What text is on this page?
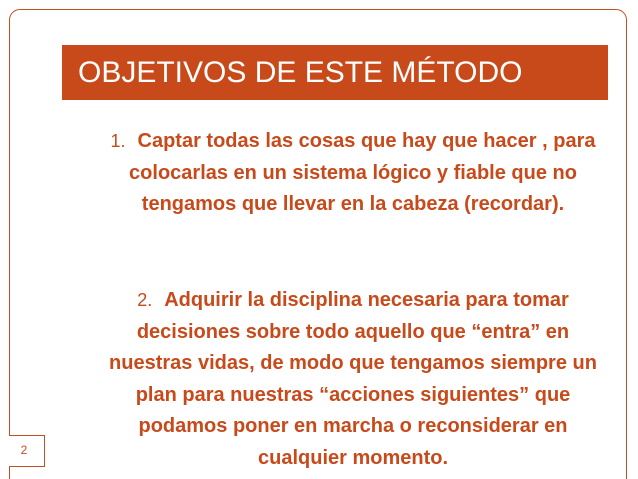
OBJETIVOS DE ESTE MÉTODO
1. Captar todas las cosas que hay que hacer , para colocarlas en un sistema lógico y fiable que no tengamos que llevar en la cabeza (recordar).
2. Adquirir la disciplina necesaria para tomar decisiones sobre todo aquello que “entra” en nuestras vidas, de modo que tengamos siempre un plan para nuestras “acciones siguientes” que podamos poner en marcha o reconsiderar en cualquier momento.
2
